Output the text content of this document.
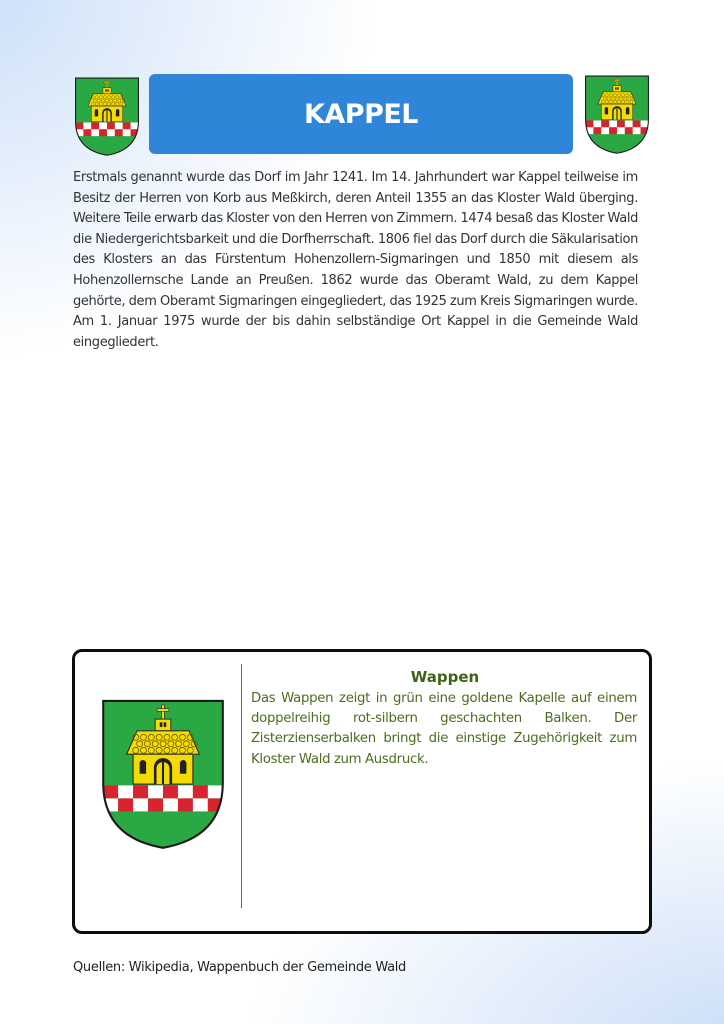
KAPPEL

Erstmals genannt wurde das Dorf im Jahr 1241. Im 14. Jahrhundert war Kappel teilweise im Besitz der Herren von Korb aus Meßkirch, deren Anteil 1355 an das Kloster Wald überging. Weitere Teile erwarb das Kloster von den Herren von Zimmern. 1474 besaß das Kloster Wald die Niedergerichtsbarkeit und die Dorfherrschaft. 1806 fiel das Dorf durch die Säkularisation des Klosters an das Fürstentum Hohenzollern-Sigmaringen und 1850 mit diesem als Hohenzollernsche Lande an Preußen. 1862 wurde das Oberamt Wald, zu dem Kappel gehörte, dem Oberamt Sigmaringen eingegliedert, das 1925 zum Kreis Sigmaringen wurde. Am 1. Januar 1975 wurde der bis dahin selbständige Ort Kappel in die Gemeinde Wald eingegliedert.

Wappen

Das Wappen zeigt in grün eine goldene Kapelle auf einem doppelreihig rot-silbern geschachten Balken. Der Zisterzienserbalken bringt die einstige Zugehörigkeit zum Kloster Wald zum Ausdruck.

Quellen: Wikipedia, Wappenbuch der Gemeinde Wald
